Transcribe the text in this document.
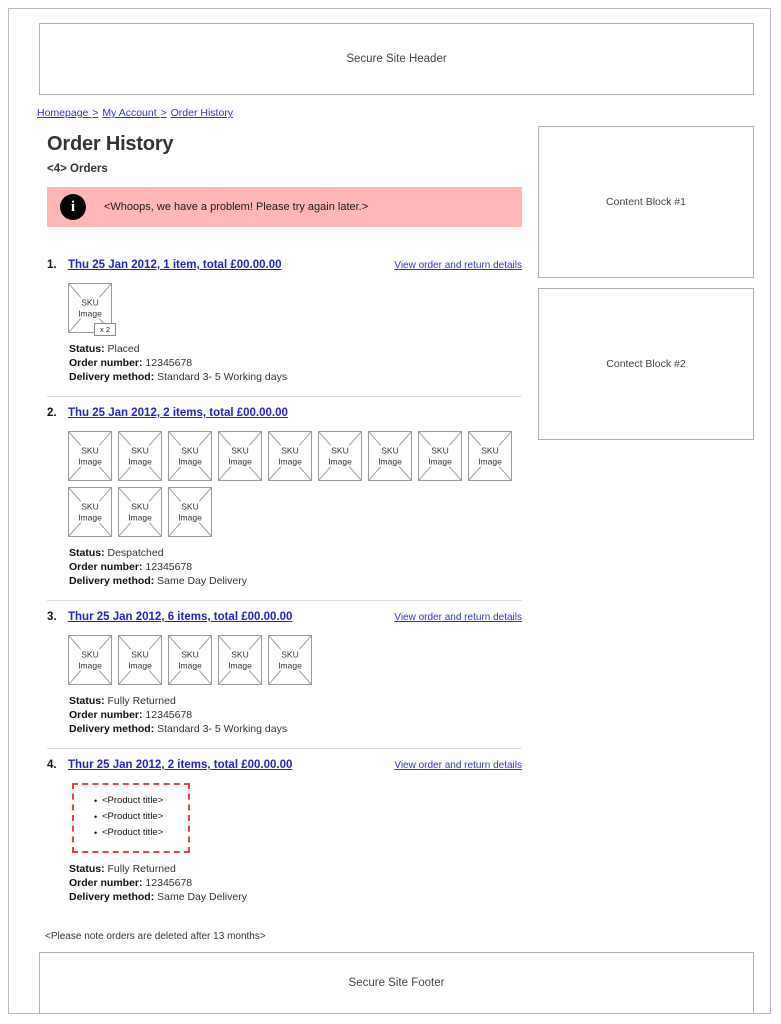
Secure Site Header
Homepage > My Account > Order History
Order History
<4> Orders
i	<Whoops, we have a problem! Please try again later.>
1. Thu 25 Jan 2012, 1 item, total £00.00.00	View order and return details
SKU
Image
x 2
Status: Placed
Order number: 12345678
Delivery method: Standard 3- 5 Working days
2. Thu 25 Jan 2012, 2 items, total £00.00.00
SKU
Image
SKU
Image
SKU
Image
SKU
Image
SKU
Image
SKU
Image
SKU
Image
SKU
Image
SKU
Image
SKU
Image
SKU
Image
SKU
Image
Status: Despatched
Order number: 12345678
Delivery method: Same Day Delivery
3. Thur 25 Jan 2012, 6 items, total £00.00.00	View order and return details
SKU
Image
SKU
Image
SKU
Image
SKU
Image
SKU
Image
Status: Fully Returned
Order number: 12345678
Delivery method: Standard 3- 5 Working days
4. Thur 25 Jan 2012, 2 items, total £00.00.00	View order and return details
• <Product title>
• <Product title>
• <Product title>
Status: Fully Returned
Order number: 12345678
Delivery method: Same Day Delivery
<Please note orders are deleted after 13 months>
Content Block #1
Contect Block #2
Secure Site Footer
